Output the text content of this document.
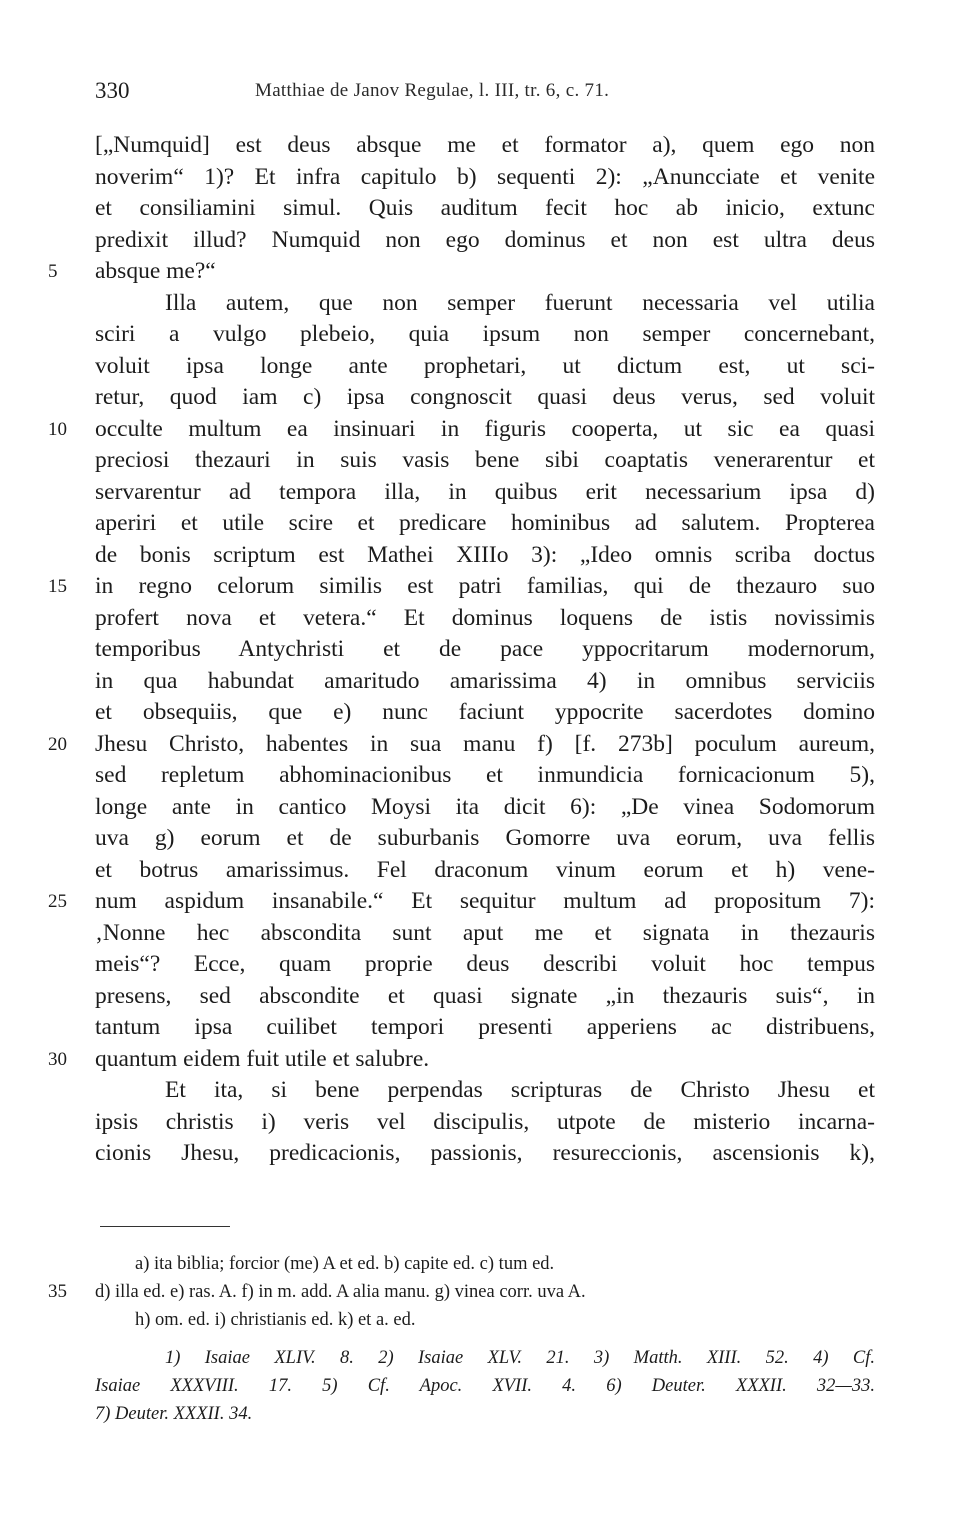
330	Matthiae de Janov Regulae, l. III, tr. 6, c. 71.
[„Numquid] est deus absque me et formator a), quem ego non
noverim“ 1)? Et infra capitulo b) sequenti 2): „Anuncciate et venite
et consiliamini simul. Quis auditum fecit hoc ab inicio, extunc
predixit illud? Numquid non ego dominus et non est ultra deus
5	absque me?“
Illa autem, que non semper fuerunt necessaria vel utilia
sciri a vulgo plebeio, quia ipsum non semper concernebant,
voluit ipsa longe ante prophetari, ut dictum est, ut sci-
retur, quod iam c) ipsa congnoscit quasi deus verus, sed voluit
10	occulte multum ea insinuari in figuris cooperta, ut sic ea quasi
preciosi thezauri in suis vasis bene sibi coaptatis venerarentur et
servarentur ad tempora illa, in quibus erit necessarium ipsa d)
aperiri et utile scire et predicare hominibus ad salutem. Propterea
de bonis scriptum est Mathei XIIIo 3): „Ideo omnis scriba doctus
15	in regno celorum similis est patri familias, qui de thezauro suo
profert nova et vetera.“ Et dominus loquens de istis novissimis
temporibus Antychristi et de pace yppocritarum modernorum,
in qua habundat amaritudo amarissima 4) in omnibus serviciis
et obsequiis, que e) nunc faciunt yppocrite sacerdotes domino
20	Jhesu Christo, habentes in sua manu f) [f. 273b] poculum aureum,
sed repletum abhominacionibus et inmundicia fornicacionum 5),
longe ante in cantico Moysi ita dicit 6): „De vinea Sodomorum
uva g) eorum et de suburbanis Gomorre uva eorum, uva fellis
et botrus amarissimus. Fel draconum vinum eorum et h) vene-
25	num aspidum insanabile.“ Et sequitur multum ad propositum 7):
‚Nonne hec abscondita sunt aput me et signata in thezauris
meis“? Ecce, quam proprie deus describi voluit hoc tempus
presens, sed abscondite et quasi signate „in thezauris suis“, in
tantum ipsa cuilibet tempori presenti apperiens ac distribuens,
30	quantum eidem fuit utile et salubre.
Et ita, si bene perpendas scripturas de Christo Jhesu et
ipsis christis i) veris vel discipulis, utpote de misterio incarna-
cionis Jhesu, predicacionis, passionis, resureccionis, ascensionis k),
a) ita biblia; forcior (me) A et ed. b) capite ed. c) tum ed.
35	d) illa ed. e) ras. A. f) in m. add. A alia manu. g) vinea corr. uva A.
h) om. ed. i) christianis ed. k) et a. ed.
1) Isaiae XLIV. 8. 2) Isaiae XLV. 21. 3) Matth. XIII. 52. 4) Cf.
Isaiae XXXVIII. 17. 5) Cf. Apoc. XVII. 4. 6) Deuter. XXXII. 32—33.
7) Deuter. XXXII. 34.
